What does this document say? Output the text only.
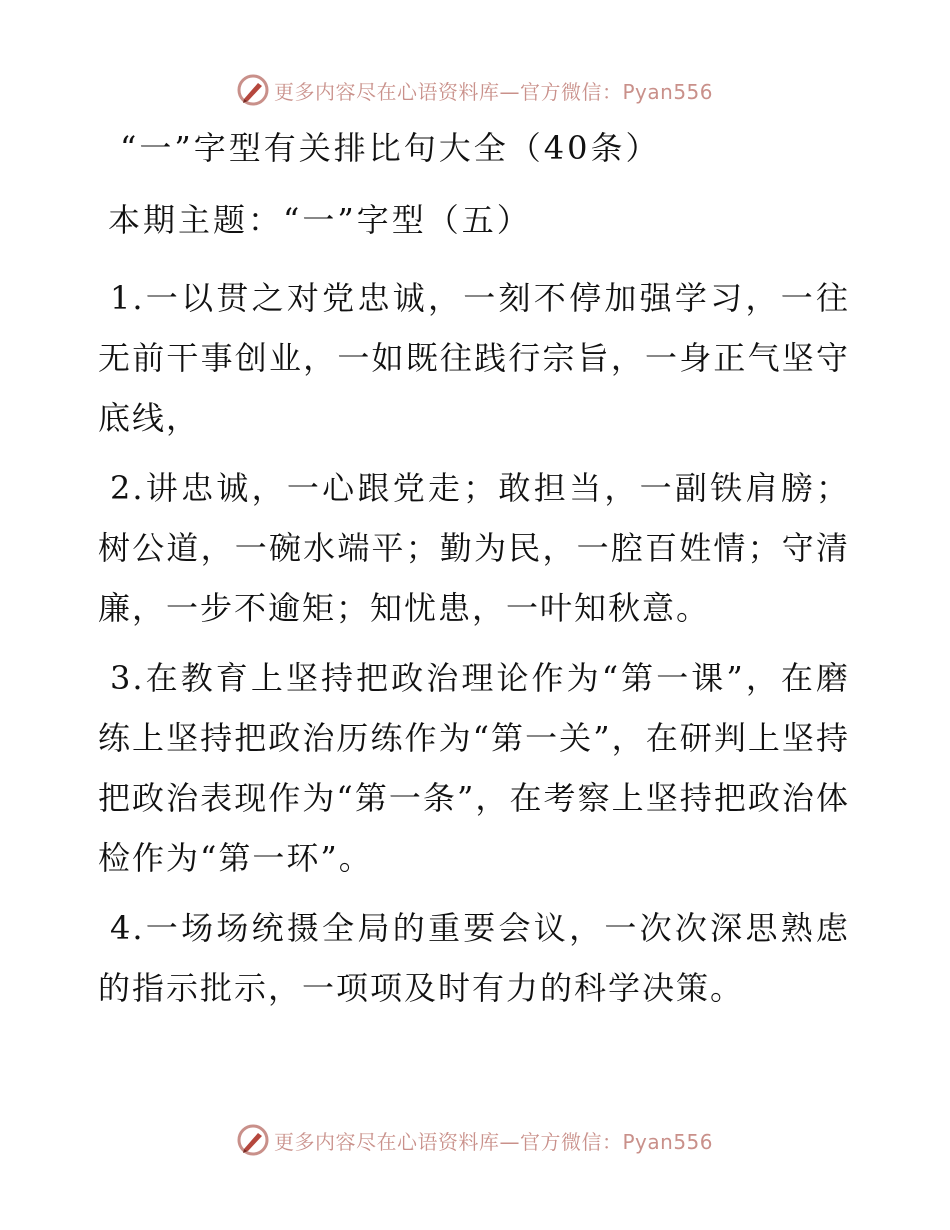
更多内容尽在心语资料库—官方微信：Pyan556
“一”字型有关排比句大全（40条）
本期主题：“一”字型（五）

1.一以贯之对党忠诚，一刻不停加强学习，一往无前干事创业，一如既往践行宗旨，一身正气坚守底线，

2.讲忠诚，一心跟党走；敢担当，一副铁肩膀；树公道，一碗水端平；勤为民，一腔百姓情；守清廉，一步不逾矩；知忧患，一叶知秋意。

3.在教育上坚持把政治理论作为“第一课”，在磨练上坚持把政治历练作为“第一关”，在研判上坚持把政治表现作为“第一条”，在考察上坚持把政治体检作为“第一环”。

4.一场场统摄全局的重要会议，一次次深思熟虑的指示批示，一项项及时有力的科学决策。

更多内容尽在心语资料库—官方微信：Pyan556
